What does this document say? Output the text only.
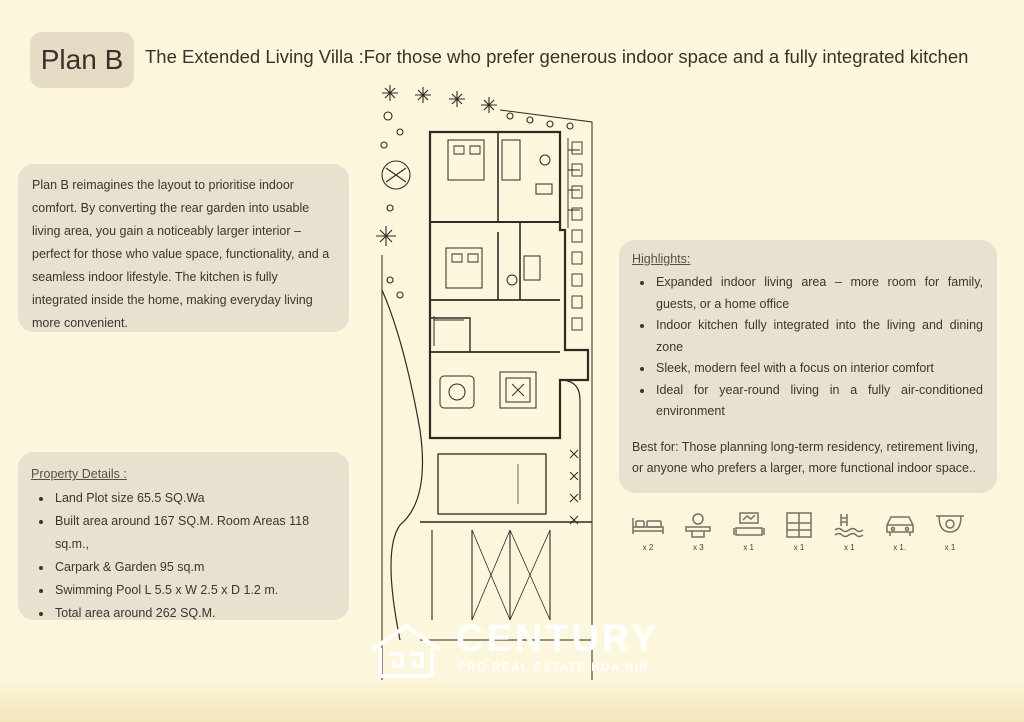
Plan B The Extended Living Villa :For those who prefer generous indoor space and a fully integrated kitchen
Plan B reimagines the layout to prioritise indoor comfort. By converting the rear garden into usable living area, you gain a noticeably larger interior – perfect for those who value space, functionality, and a seamless indoor lifestyle. The kitchen is fully integrated inside the home, making everyday living more convenient.
Property Details :
Land Plot size 65.5 SQ.Wa
Built area around 167 SQ.M. Room Areas 118 sq.m.,
Carpark & Garden 95 sq.m
Swimming Pool L 5.5 x W 2.5 x D 1.2 m.
Total area around 262 SQ.M.
Highlights:
Expanded indoor living area – more room for family, guests, or a home office
Indoor kitchen fully integrated into the living and dining zone
Sleek, modern feel with a focus on interior comfort
Ideal for year-round living in a fully air-conditioned environment
Best for: Those planning long-term residency, retirement living, or anyone who prefers a larger, more functional indoor space..
x 2	x 3	x 1	x 1	x 1	x 1.	x 1
CENTURY
PRO REAL ESTATE HUA HIN
